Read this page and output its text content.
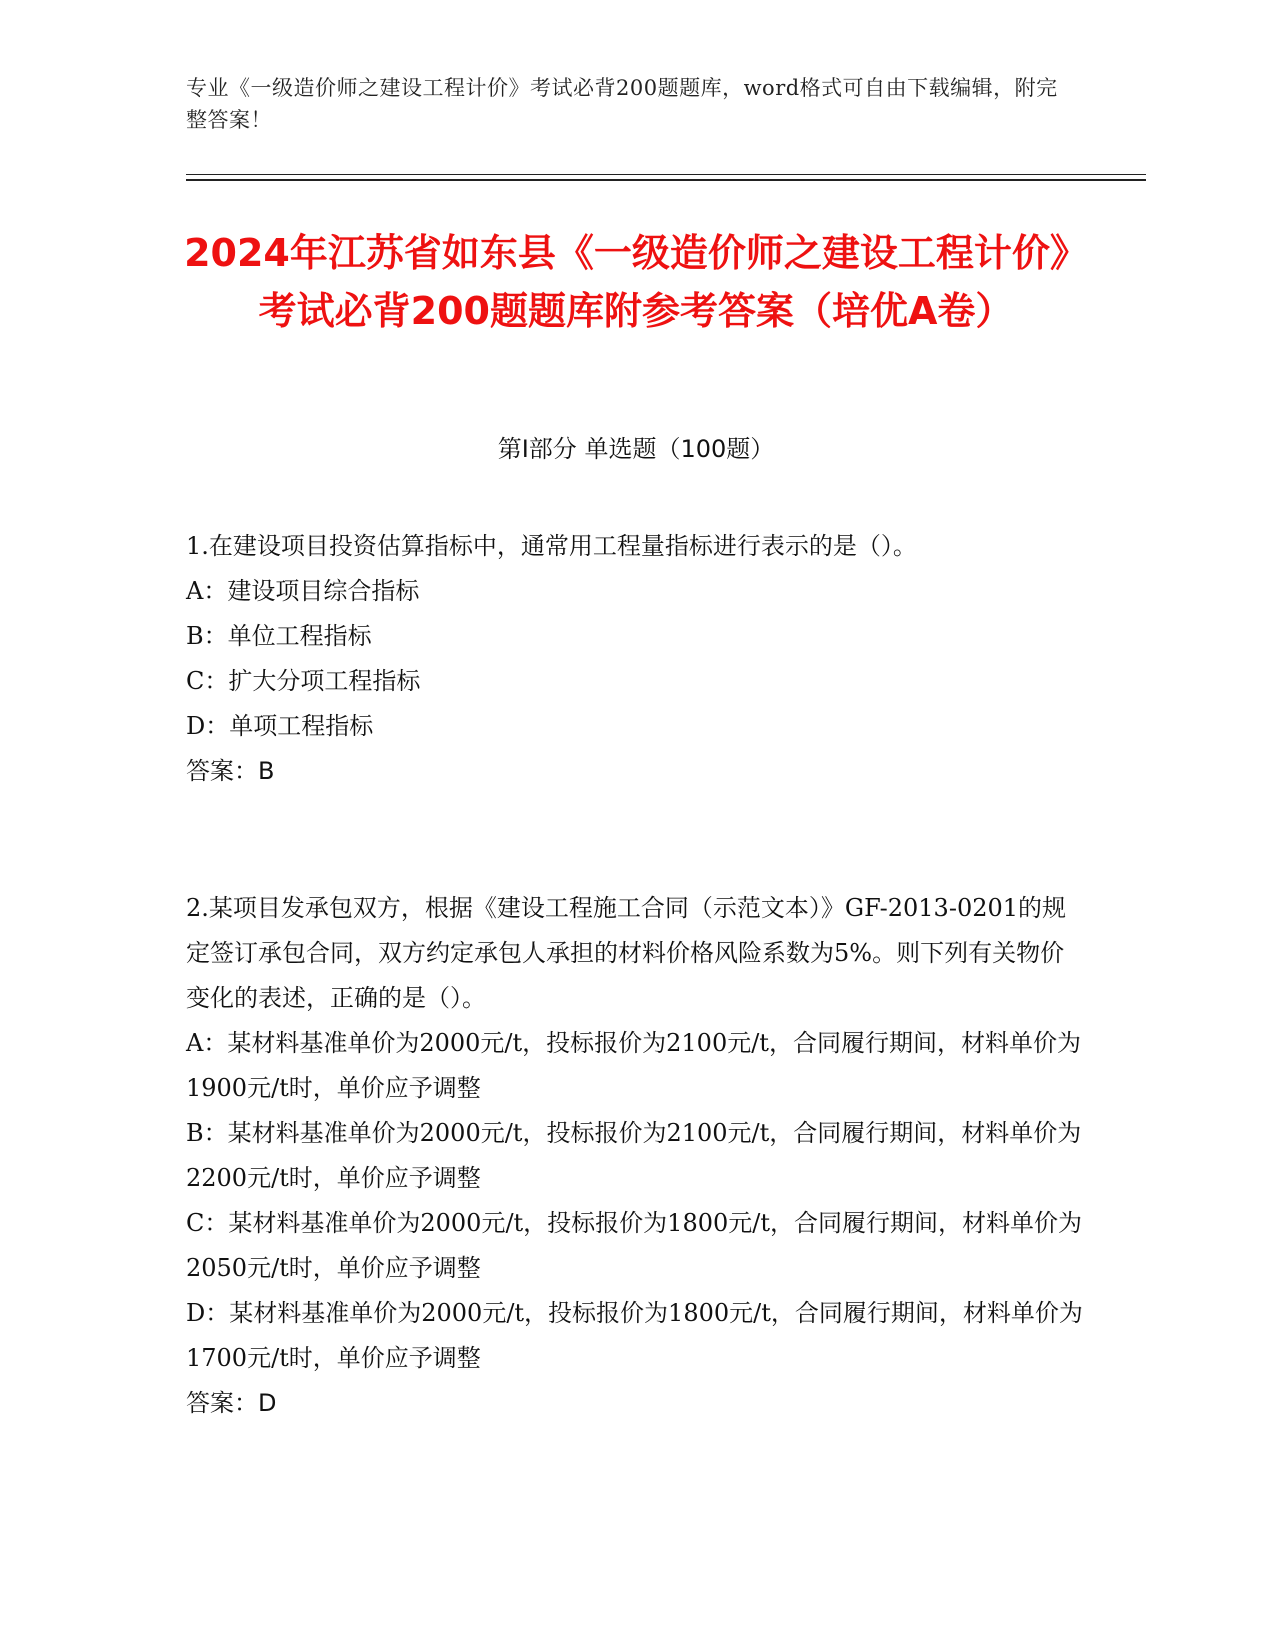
专业《一级造价师之建设工程计价》考试必背200题题库，word格式可自由下载编辑，附完整答案！
2024年江苏省如东县《一级造价师之建设工程计价》考试必背200题题库附参考答案（培优A卷）
第I部分 单选题（100题）
1.在建设项目投资估算指标中，通常用工程量指标进行表示的是（）。
A：建设项目综合指标
B：单位工程指标
C：扩大分项工程指标
D：单项工程指标
答案：B
2.某项目发承包双方，根据《建设工程施工合同（示范文本）》GF-2013-0201的规定签订承包合同，双方约定承包人承担的材料价格风险系数为5%。则下列有关物价变化的表述，正确的是（）。
A：某材料基准单价为2000元/t，投标报价为2100元/t，合同履行期间，材料单价为1900元/t时，单价应予调整
B：某材料基准单价为2000元/t，投标报价为2100元/t，合同履行期间，材料单价为2200元/t时，单价应予调整
C：某材料基准单价为2000元/t，投标报价为1800元/t，合同履行期间，材料单价为2050元/t时，单价应予调整
D：某材料基准单价为2000元/t，投标报价为1800元/t，合同履行期间，材料单价为1700元/t时，单价应予调整
答案：D
